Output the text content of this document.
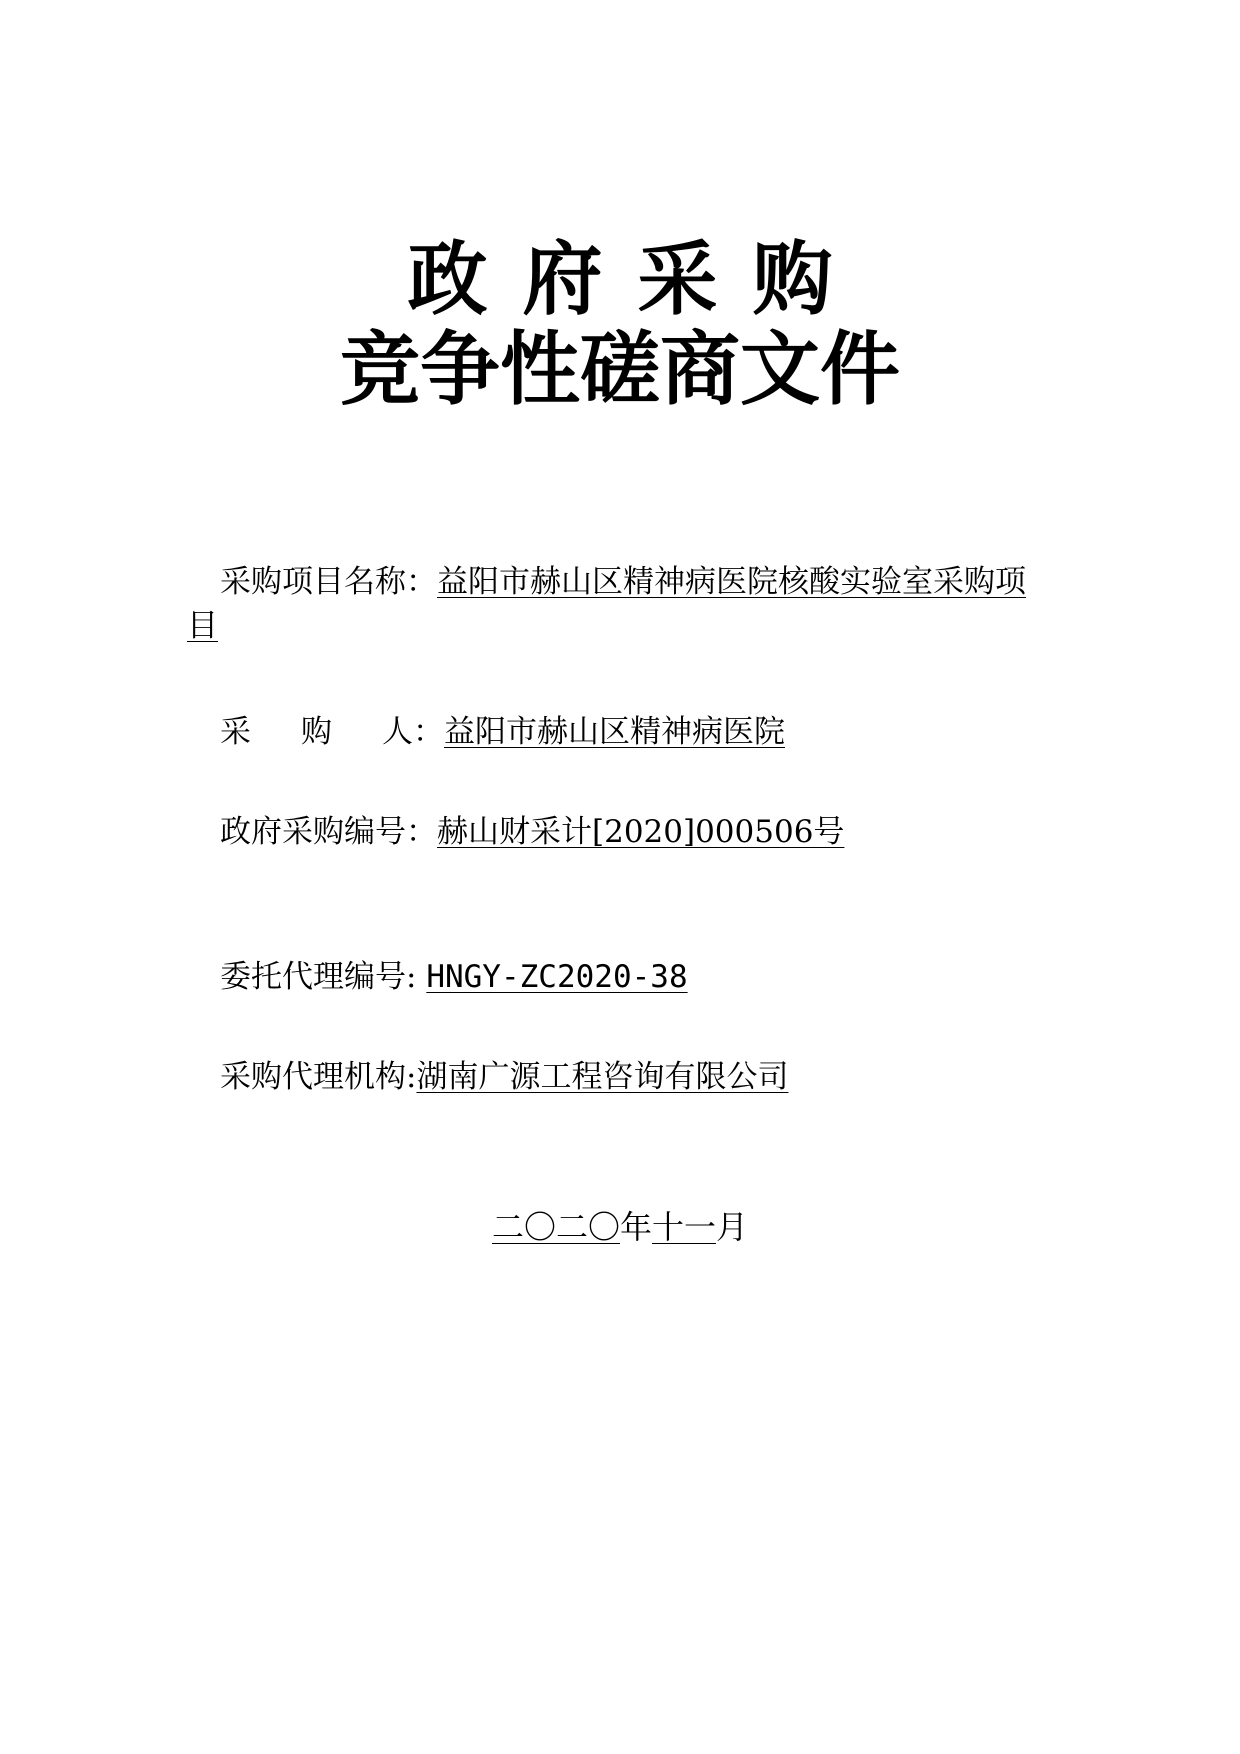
政府采购
竞争性磋商文件
采购项目名称：益阳市赫山区精神病医院核酸实验室采购项
目
采 购 人：益阳市赫山区精神病医院
政府采购编号：赫山财采计[2020]000506号
委托代理编号: HNGY-ZC2020-38
采购代理机构:湖南广源工程咨询有限公司
二〇二〇年十一月
